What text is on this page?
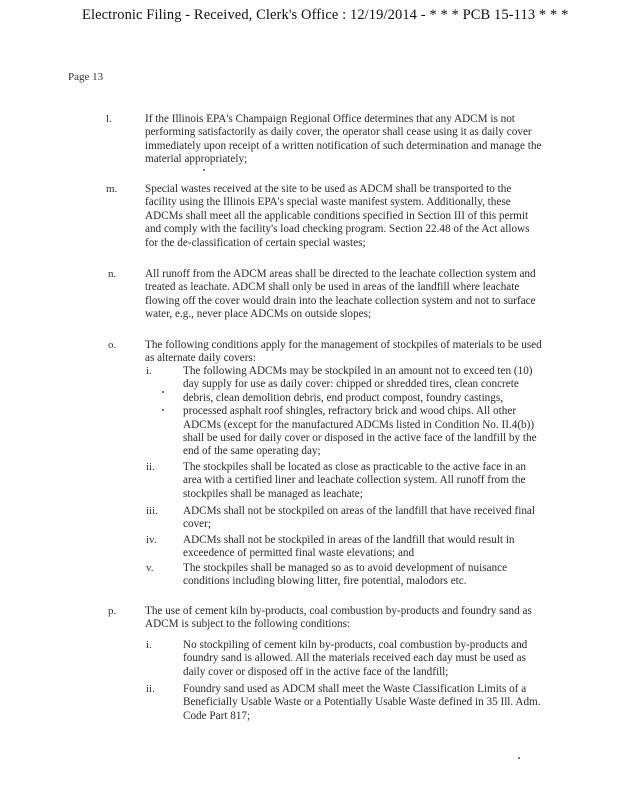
Electronic Filing - Received, Clerk's Office : 12/19/2014 - * * * PCB 15-113 * * *
Page 13
l.	If the Illinois EPA's Champaign Regional Office determines that any ADCM is not performing satisfactorily as daily cover, the operator shall cease using it as daily cover immediately upon receipt of a written notification of such determination and manage the material appropriately;
m. Special wastes received at the site to be used as ADCM shall be transported to the facility using the Illinois EPA's special waste manifest system. Additionally, these ADCMs shall meet all the applicable conditions specified in Section III of this permit and comply with the facility's load checking program. Section 22.48 of the Act allows for the de-classification of certain special wastes;
n.	All runoff from the ADCM areas shall be directed to the leachate collection system and treated as leachate. ADCM shall only be used in areas of the landfill where leachate flowing off the cover would drain into the leachate collection system and not to surface water, e.g., never place ADCMs on outside slopes;
o.	The following conditions apply for the management of stockpiles of materials to be used as alternate daily covers:
i.	The following ADCMs may be stockpiled in an amount not to exceed ten (10) day supply for use as daily cover: chipped or shredded tires, clean concrete debris, clean demolition debris, end product compost, foundry castings, processed asphalt roof shingles, refractory brick and wood chips. All other ADCMs (except for the manufactured ADCMs listed in Condition No. II.4(b)) shall be used for daily cover or disposed in the active face of the landfill by the end of the same operating day;
ii.	The stockpiles shall be located as close as practicable to the active face in an area with a certified liner and leachate collection system. All runoff from the stockpiles shall be managed as leachate;
iii. ADCMs shall not be stockpiled on areas of the landfill that have received final cover;
iv. ADCMs shall not be stockpiled in areas of the landfill that would result in exceedence of permitted final waste elevations; and
v.	The stockpiles shall be managed so as to avoid development of nuisance conditions including blowing litter, fire potential, malodors etc.
p.	The use of cement kiln by-products, coal combustion by-products and foundry sand as ADCM is subject to the following conditions:
i.	No stockpiling of cement kiln by-products, coal combustion by-products and foundry sand is allowed. All the materials received each day must be used as daily cover or disposed off in the active face of the landfill;
ii.	Foundry sand used as ADCM shall meet the Waste Classification Limits of a Beneficially Usable Waste or a Potentially Usable Waste defined in 35 Ill. Adm. Code Part 817;
